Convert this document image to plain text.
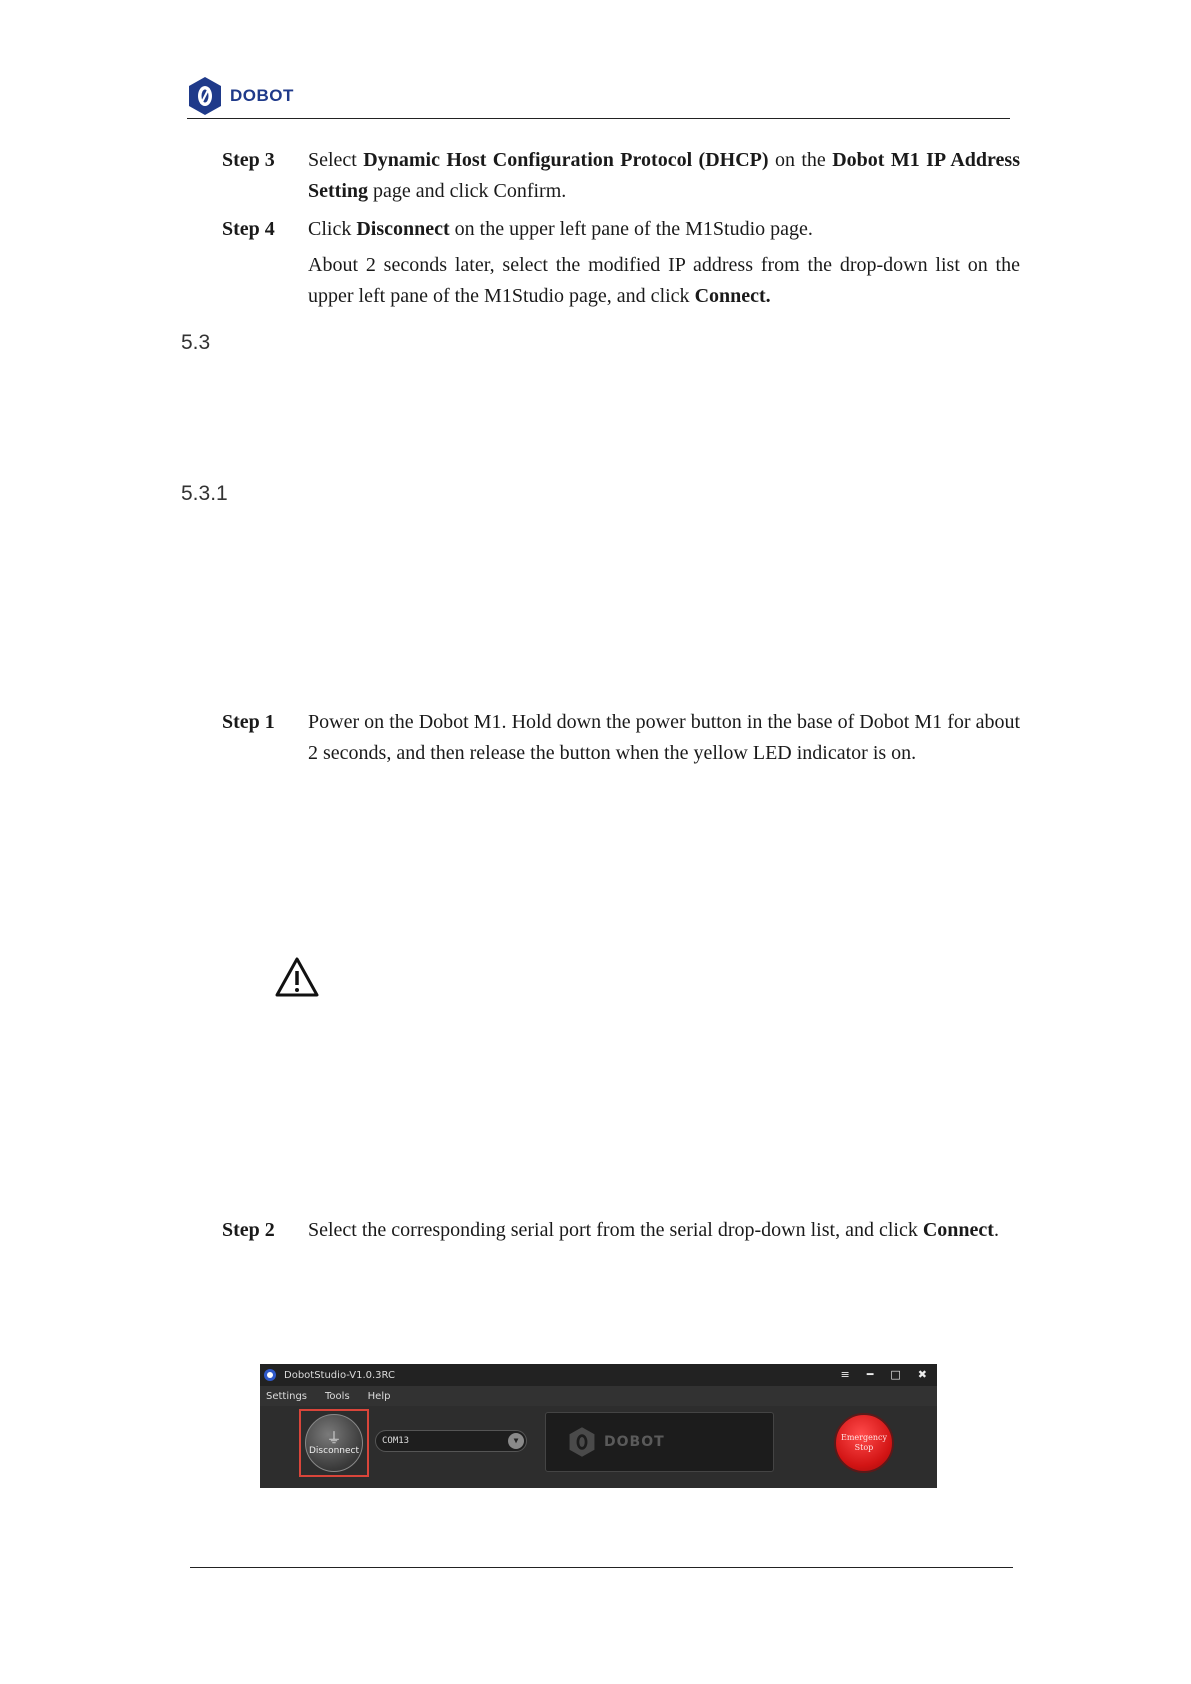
DOBOT
Step 3 Select Dynamic Host Configuration Protocol (DHCP) on the Dobot M1 IP Address Setting page and click Confirm.

Step 4 Click Disconnect on the upper left pane of the M1Studio page.

About 2 seconds later, select the modified IP address from the drop-down list on the upper left pane of the M1Studio page, and click Connect.

5.3
5.3.1
Step 1 Power on the Dobot M1. Hold down the power button in the base of Dobot M1 for about 2 seconds, and then release the button when the yellow LED indicator is on.

Step 2 Select the corresponding serial port from the serial drop-down list, and click Connect.

DobotStudio-V1.0.3RC	≡ ━ □ ✖
Settings Tools Help
⏚
Disconnect
COM13	▼	DOBOT	Emergency
Stop
